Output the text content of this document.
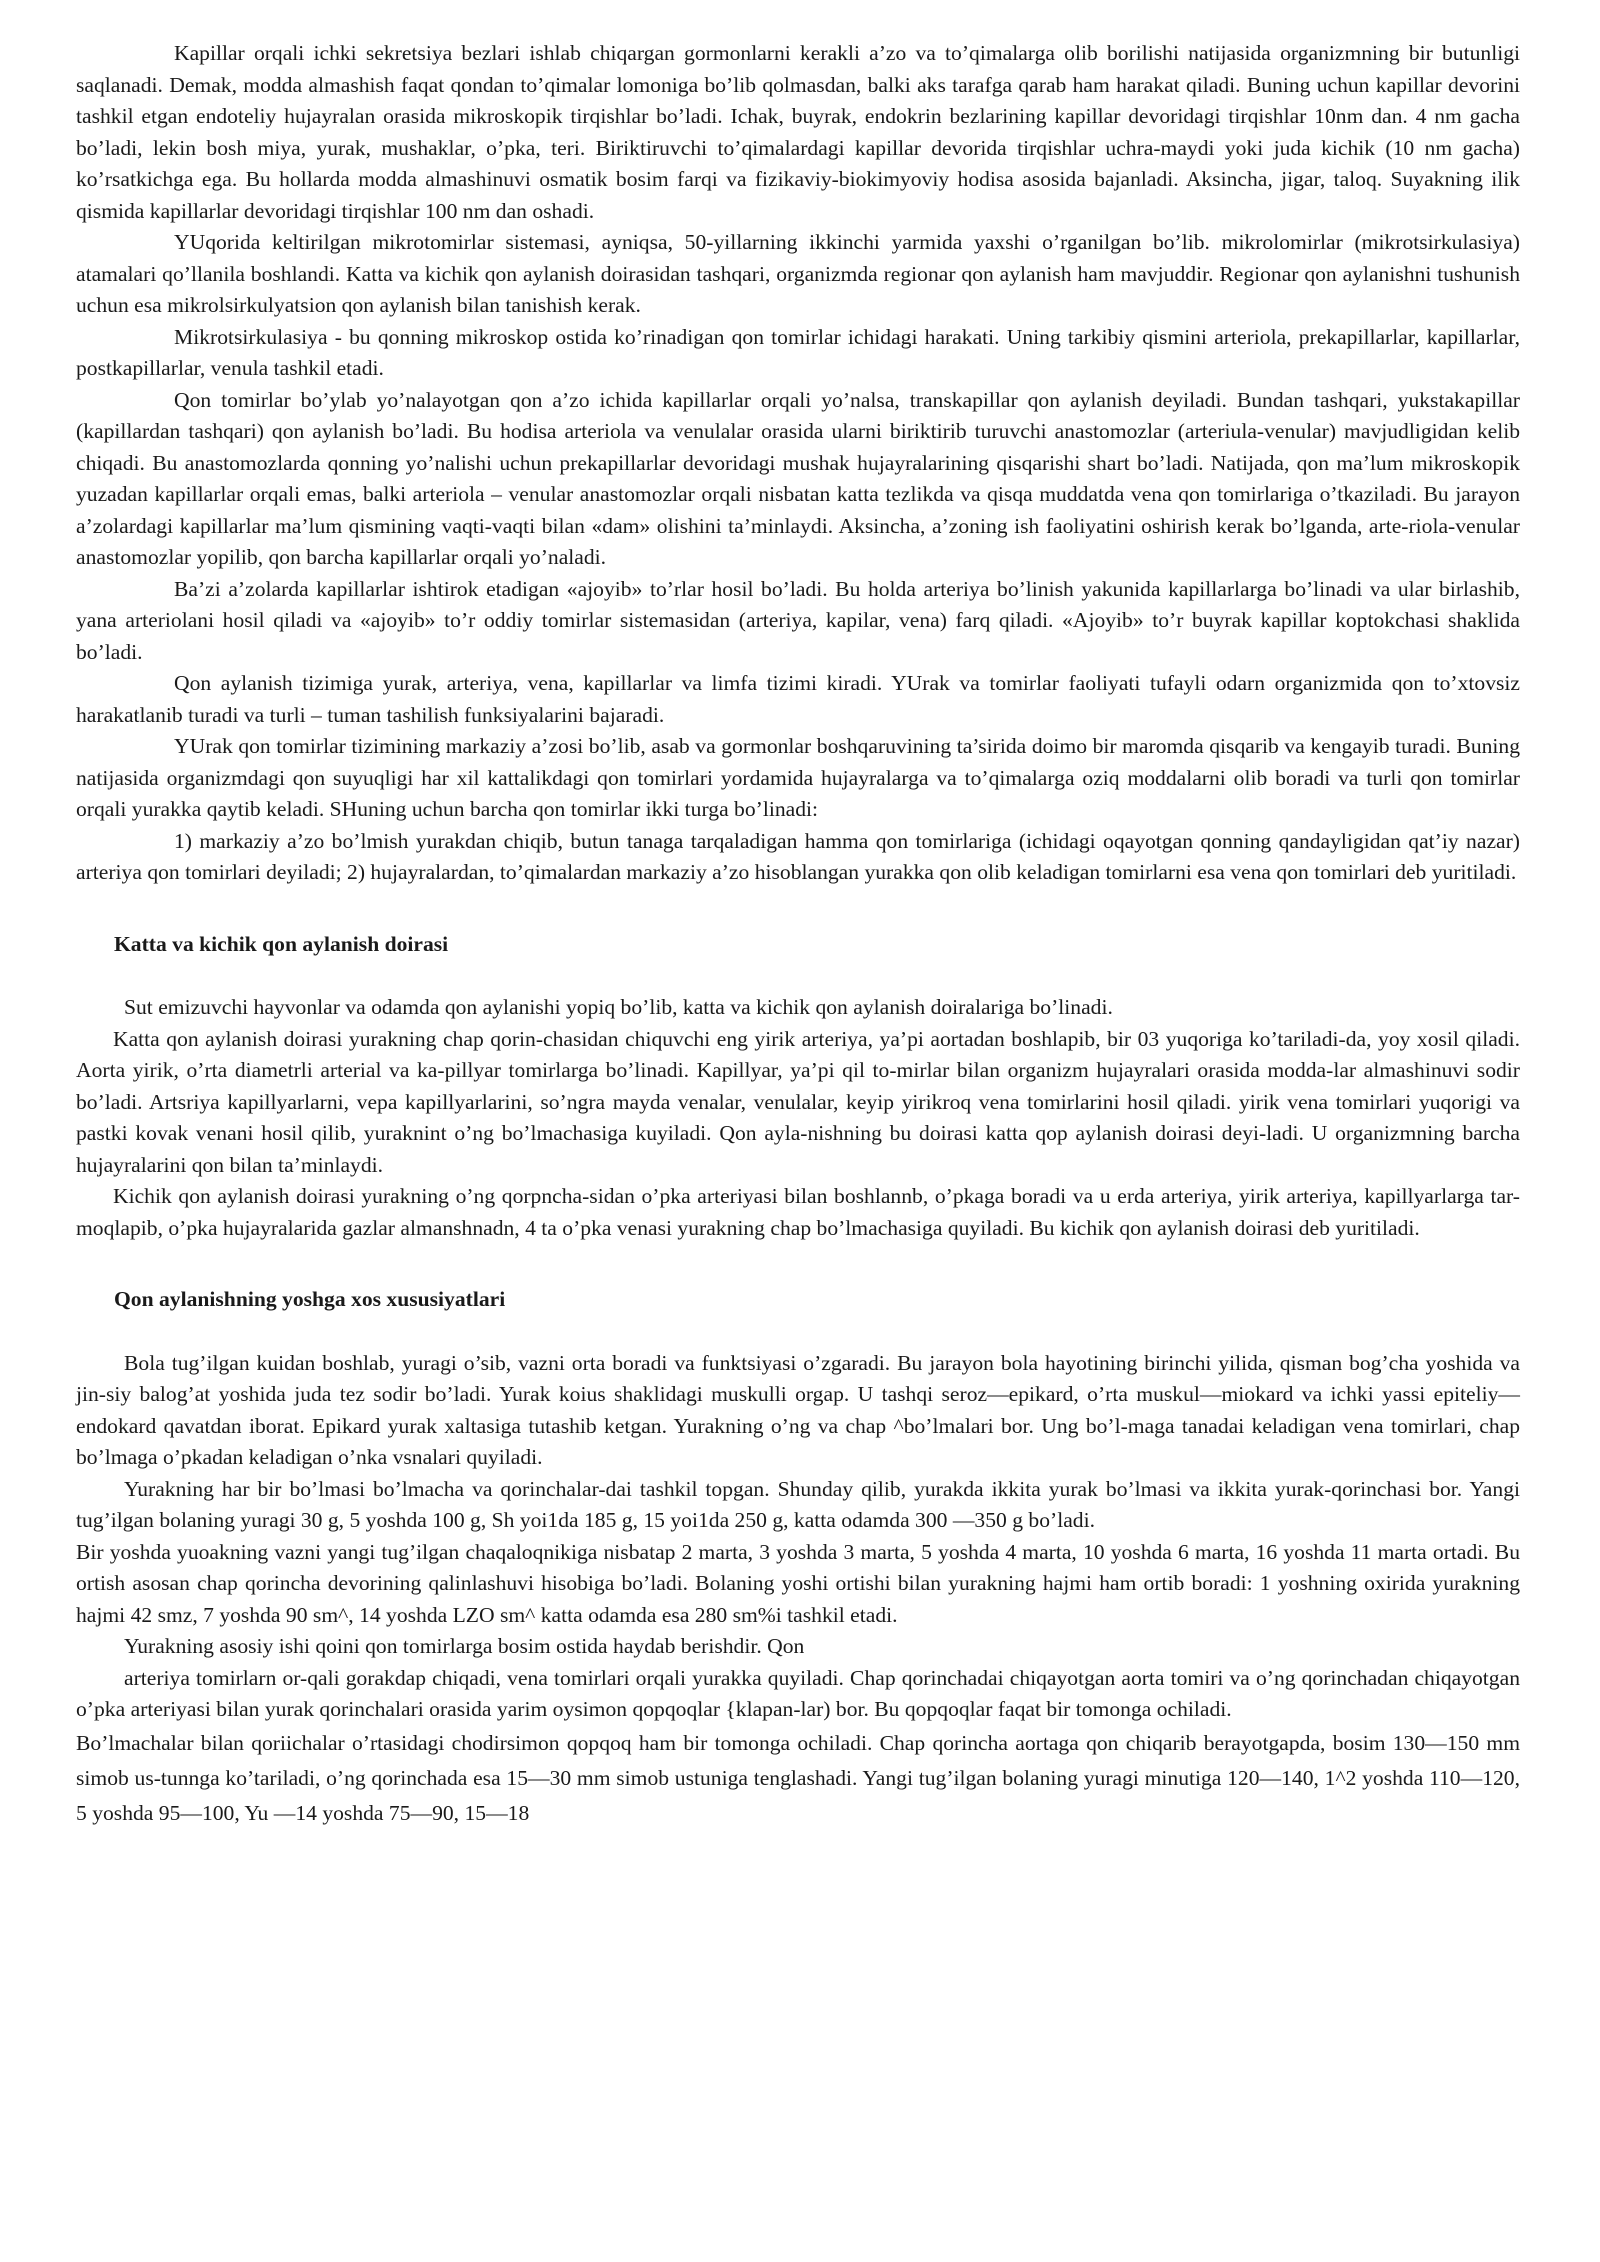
Kapillar orqali ichki sekretsiya bezlari ishlab chiqargan gormonlarni kerakli a’zo va to’qimalarga olib borilishi natijasida organizmning bir butunligi saqlanadi. Demak, modda almashish faqat qondan to’qimalar lomoniga bo’lib qolmasdan, balki aks tarafga qarab ham harakat qiladi. Buning uchun kapillar devorini tashkil etgan endoteliy hujayralan orasida mikroskopik tirqishlar bo’ladi. Ichak, buyrak, endokrin bezlarining kapillar devoridagi tirqishlar 10nm dan. 4 nm gacha bo’ladi, lekin bosh miya, yurak, mushaklar, o’pka, teri. Biriktiruvchi to’qimalardagi kapillar devorida tirqishlar uchra-maydi yoki juda kichik (10 nm gacha) ko’rsatkichga ega. Bu hollarda modda almashinuvi osmatik bosim farqi va fizikaviy-biokimyoviy hodisa asosida bajanladi. Aksincha, jigar, taloq. Suyakning ilik qismida kapillarlar devoridagi tirqishlar 100 nm dan oshadi.

YUqorida keltirilgan mikrotomirlar sistemasi, ayniqsa, 50-yillarning ikkinchi yarmida yaxshi o’rganilgan bo’lib. mikrolomirlar (mikrotsirkulasiya) atamalari qo’llanila boshlandi. Katta va kichik qon aylanish doirasidan tashqari, organizmda regionar qon aylanish ham mavjuddir. Regionar qon aylanishni tushunish uchun esa mikrolsirkulyatsion qon aylanish bilan tanishish kerak.

Mikrotsirkulasiya - bu qonning mikroskop ostida ko’rinadigan qon tomirlar ichidagi harakati. Uning tarkibiy qismini arteriola, prekapillarlar, kapillarlar, postkapillarlar, venula tashkil etadi.

Qon tomirlar bo’ylab yo’nalayotgan qon a’zo ichida kapillarlar orqali yo’nalsa, transkapillar qon aylanish deyiladi. Bundan tashqari, yukstakapillar (kapillardan tashqari) qon aylanish bo’ladi. Bu hodisa arteriola va venulalar orasida ularni biriktirib turuvchi anastomozlar (arteriula-venular) mavjudligidan kelib chiqadi. Bu anastomozlarda qonning yo’nalishi uchun prekapillarlar devoridagi mushak hujayralarining qisqarishi shart bo’ladi. Natijada, qon ma’lum mikroskopik yuzadan kapillarlar orqali emas, balki arteriola – venular anastomozlar orqali nisbatan katta tezlikda va qisqa muddatda vena qon tomirlariga o’tkaziladi. Bu jarayon a’zolardagi kapillarlar ma’lum qismining vaqti-vaqti bilan «dam» olishini ta’minlaydi. Aksincha, a’zoning ish faoliyatini oshirish kerak bo’lganda, arte-riola-venular anastomozlar yopilib, qon barcha kapillarlar orqali yo’naladi.

Ba’zi a’zolarda kapillarlar ishtirok etadigan «ajoyib» to’rlar hosil bo’ladi. Bu holda arteriya bo’linish yakunida kapillarlarga bo’linadi va ular birlashib, yana arteriolani hosil qiladi va «ajoyib» to’r oddiy tomirlar sistemasidan (arteriya, kapilar, vena) farq qiladi. «Ajoyib» to’r buyrak kapillar koptokchasi shaklida bo’ladi.

Qon aylanish tizimiga yurak, arteriya, vena, kapillarlar va limfa tizimi kiradi. YUrak va tomirlar faoliyati tufayli odarn organizmida qon to’xtovsiz harakatlanib turadi va turli – tuman tashilish funksiyalarini bajaradi.

YUrak qon tomirlar tizimining markaziy a’zosi bo’lib, asab va gormonlar boshqaruvining ta’sirida doimo bir maromda qisqarib va kengayib turadi. Buning natijasida organizmdagi qon suyuqligi har xil kattalikdagi qon tomirlari yordamida hujayralarga va to’qimalarga oziq moddalarni olib boradi va turli qon tomirlar orqali yurakka qaytib keladi. SHuning uchun barcha qon tomirlar ikki turga bo’linadi:

1) markaziy a’zo bo’lmish yurakdan chiqib, butun tanaga tarqaladigan hamma qon tomirlariga (ichidagi oqayotgan qonning qandayligidan qat’iy nazar) arteriya qon tomirlari deyiladi; 2) hujayralardan, to’qimalardan markaziy a’zo hisoblangan yurakka qon olib keladigan tomirlarni esa vena qon tomirlari deb yuritiladi.

Katta va kichik qon aylanish doirasi

Sut emizuvchi hayvonlar va odamda qon aylanishi yopiq bo’lib, katta va kichik qon aylanish doiralariga bo’linadi.

Katta qon aylanish doirasi yurakning chap qorin-chasidan chiquvchi eng yirik arteriya, ya’pi aortadan boshlapib, bir 03 yuqoriga ko’tariladi-da, yoy xosil qiladi. Aorta yirik, o’rta diametrli arterial va ka-pillyar tomirlarga bo’linadi. Kapillyar, ya’pi qil to-mirlar bilan organizm hujayralari orasida modda-lar almashinuvi sodir bo’ladi. Artsriya kapillyarlarni, vepa kapillyarlarini, so’ngra mayda venalar, venulalar, keyip yirikroq vena tomirlarini hosil qiladi. yirik vena tomirlari yuqorigi va pastki kovak venani hosil qilib, yuraknint o’ng bo’lmachasiga kuyiladi. Qon ayla-nishning bu doirasi katta qop aylanish doirasi deyi-ladi. U organizmning barcha hujayralarini qon bilan ta’minlaydi.

Kichik qon aylanish doirasi yurakning o’ng qorpncha-sidan o’pka arteriyasi bilan boshlannb, o’pkaga boradi va u erda arteriya, yirik arteriya, kapillyarlarga tar-moqlapib, o’pka hujayralarida gazlar almanshnadn, 4 ta o’pka venasi yurakning chap bo’lmachasiga quyiladi. Bu kichik qon aylanish doirasi deb yuritiladi.

Qon aylanishning yoshga xos xususiyatlari

Bola tug’ilgan kuidan boshlab, yuragi o’sib, vazni orta boradi va funktsiyasi o’zgaradi. Bu jarayon bola hayotining birinchi yilida, qisman bog’cha yoshida va jin-siy balog’at yoshida juda tez sodir bo’ladi. Yurak koius shaklidagi muskulli orgap. U tashqi seroz—epikard, o’rta muskul—miokard va ichki yassi epiteliy—endokard qavatdan iborat. Epikard yurak xaltasiga tutashib ketgan. Yurakning o’ng va chap ^bo’lmalari bor. Ung bo’l-maga tanadai keladigan vena tomirlari, chap bo’lmaga o’pkadan keladigan o’nka vsnalari quyiladi.

Yurakning har bir bo’lmasi bo’lmacha va qorinchalar-dai tashkil topgan. Shunday qilib, yurakda ikkita yurak bo’lmasi va ikkita yurak-qorinchasi bor. Yangi tug’ilgan bolaning yuragi 30 g, 5 yoshda 100 g, Sh yoi1da 185 g, 15 yoi1da 250 g, katta odamda 300 —350 g bo’ladi.

Bir yoshda yuoakning vazni yangi tug’ilgan chaqaloqnikiga nisbatap 2 marta, 3 yoshda 3 marta, 5 yoshda 4 marta, 10 yoshda 6 marta, 16 yoshda 11 marta ortadi. Bu ortish asosan chap qorincha devorining qalinlashuvi hisobiga bo’ladi. Bolaning yoshi ortishi bilan yurakning hajmi ham ortib boradi: 1 yoshning oxirida yurakning hajmi 42 smz, 7 yoshda 90 sm^, 14 yoshda LZO sm^ katta odamda esa 280 sm%i tashkil etadi.

Yurakning asosiy ishi qoini qon tomirlarga bosim ostida haydab berishdir. Qon

arteriya tomirlarn or-qali gorakdap chiqadi, vena tomirlari orqali yurakka quyiladi. Chap qorinchadai chiqayotgan aorta tomiri va o’ng qorinchadan chiqayotgan o’pka arteriyasi bilan yurak qorinchalari orasida yarim oysimon qopqoqlar {klapan-lar) bor. Bu qopqoqlar faqat bir tomonga ochiladi.

Bo’lmachalar bilan qoriichalar o’rtasidagi chodirsimon qopqoq ham bir tomonga ochiladi. Chap qorincha aortaga qon chiqarib berayotgapda, bosim 130—150 mm simob us-tunnga ko’tariladi, o’ng qorinchada esa 15—30 mm simob ustuniga tenglashadi. Yangi tug’ilgan bolaning yuragi minutiga 120—140, 1^2 yoshda 110—120, 5 yoshda 95—100, Yu —14 yoshda 75—90, 15—18
